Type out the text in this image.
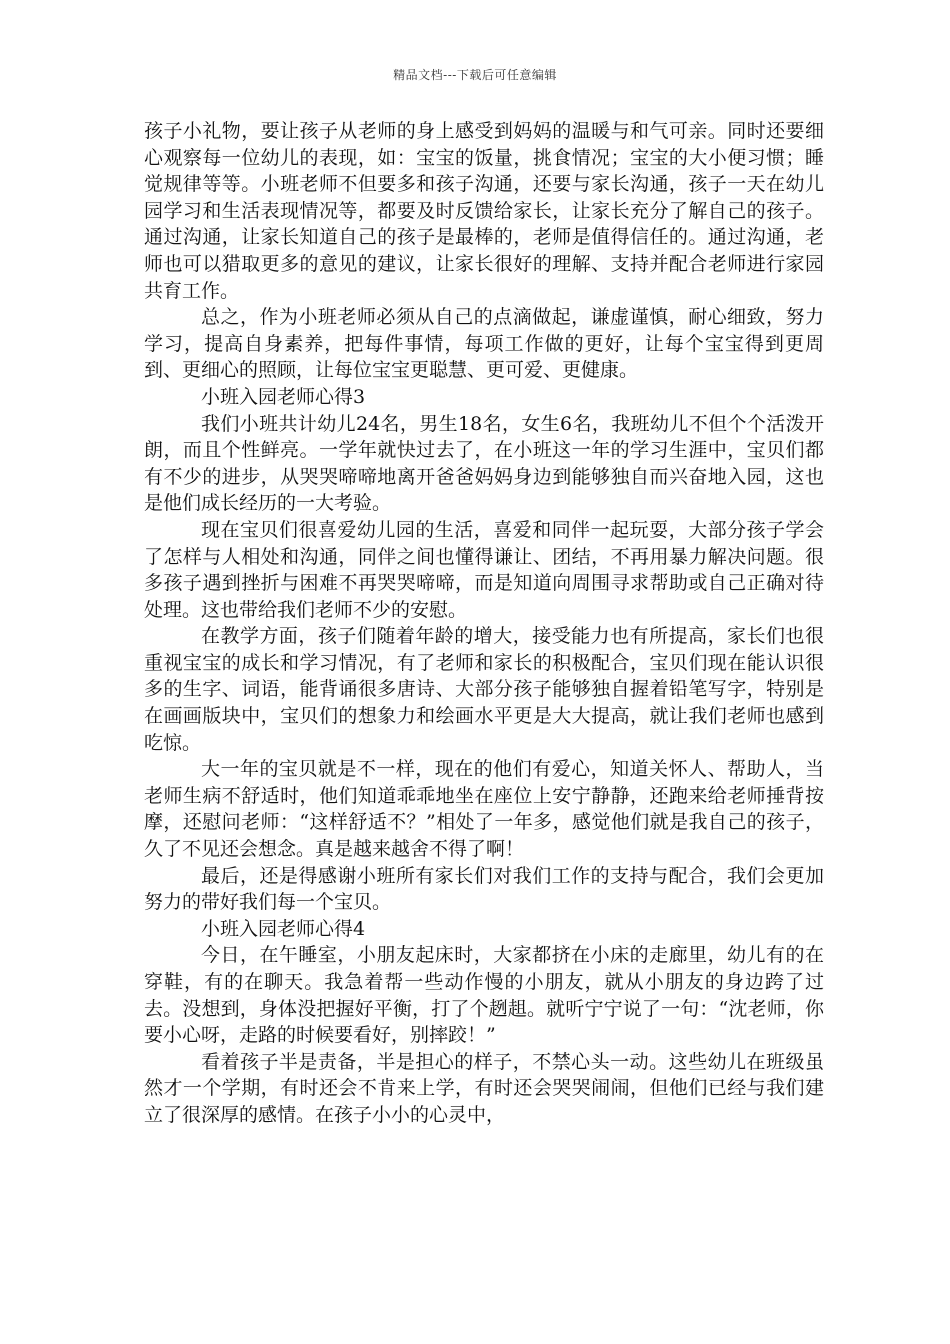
精品文档---下载后可任意编辑

孩子小礼物，要让孩子从老师的身上感受到妈妈的温暖与和气可亲。同时还要细心观察每一位幼儿的表现，如：宝宝的饭量，挑食情况；宝宝的大小便习惯；睡觉规律等等。小班老师不但要多和孩子沟通，还要与家长沟通，孩子一天在幼儿园学习和生活表现情况等，都要及时反馈给家长，让家长充分了解自己的孩子。通过沟通，让家长知道自己的孩子是最棒的，老师是值得信任的。通过沟通，老师也可以猎取更多的意见的建议，让家长很好的理解、支持并配合老师进行家园共育工作。

总之，作为小班老师必须从自己的点滴做起，谦虚谨慎，耐心细致，努力学习，提高自身素养，把每件事情，每项工作做的更好，让每个宝宝得到更周到、更细心的照顾，让每位宝宝更聪慧、更可爱、更健康。

小班入园老师心得3

我们小班共计幼儿24名，男生18名，女生6名，我班幼儿不但个个活泼开朗，而且个性鲜亮。一学年就快过去了，在小班这一年的学习生涯中，宝贝们都有不少的进步，从哭哭啼啼地离开爸爸妈妈身边到能够独自而兴奋地入园，这也是他们成长经历的一大考验。

现在宝贝们很喜爱幼儿园的生活，喜爱和同伴一起玩耍，大部分孩子学会了怎样与人相处和沟通，同伴之间也懂得谦让、团结，不再用暴力解决问题。很多孩子遇到挫折与困难不再哭哭啼啼，而是知道向周围寻求帮助或自己正确对待处理。这也带给我们老师不少的安慰。

在教学方面，孩子们随着年龄的增大，接受能力也有所提高，家长们也很重视宝宝的成长和学习情况，有了老师和家长的积极配合，宝贝们现在能认识很多的生字、词语，能背诵很多唐诗、大部分孩子能够独自握着铅笔写字，特别是在画画版块中，宝贝们的想象力和绘画水平更是大大提高，就让我们老师也感到吃惊。

大一年的宝贝就是不一样，现在的他们有爱心，知道关怀人、帮助人，当老师生病不舒适时，他们知道乖乖地坐在座位上安宁静静，还跑来给老师捶背按摩，还慰问老师：“这样舒适不？”相处了一年多，感觉他们就是我自己的孩子，久了不见还会想念。真是越来越舍不得了啊！

最后，还是得感谢小班所有家长们对我们工作的支持与配合，我们会更加努力的带好我们每一个宝贝。

小班入园老师心得4

今日，在午睡室，小朋友起床时，大家都挤在小床的走廊里，幼儿有的在穿鞋，有的在聊天。我急着帮一些动作慢的小朋友，就从小朋友的身边跨了过去。没想到，身体没把握好平衡，打了个趔趄。就听宁宁说了一句：“沈老师，你要小心呀，走路的时候要看好，别摔跤！”

看着孩子半是责备，半是担心的样子，不禁心头一动。这些幼儿在班级虽然才一个学期，有时还会不肯来上学，有时还会哭哭闹闹，但他们已经与我们建立了很深厚的感情。在孩子小小的心灵中，
